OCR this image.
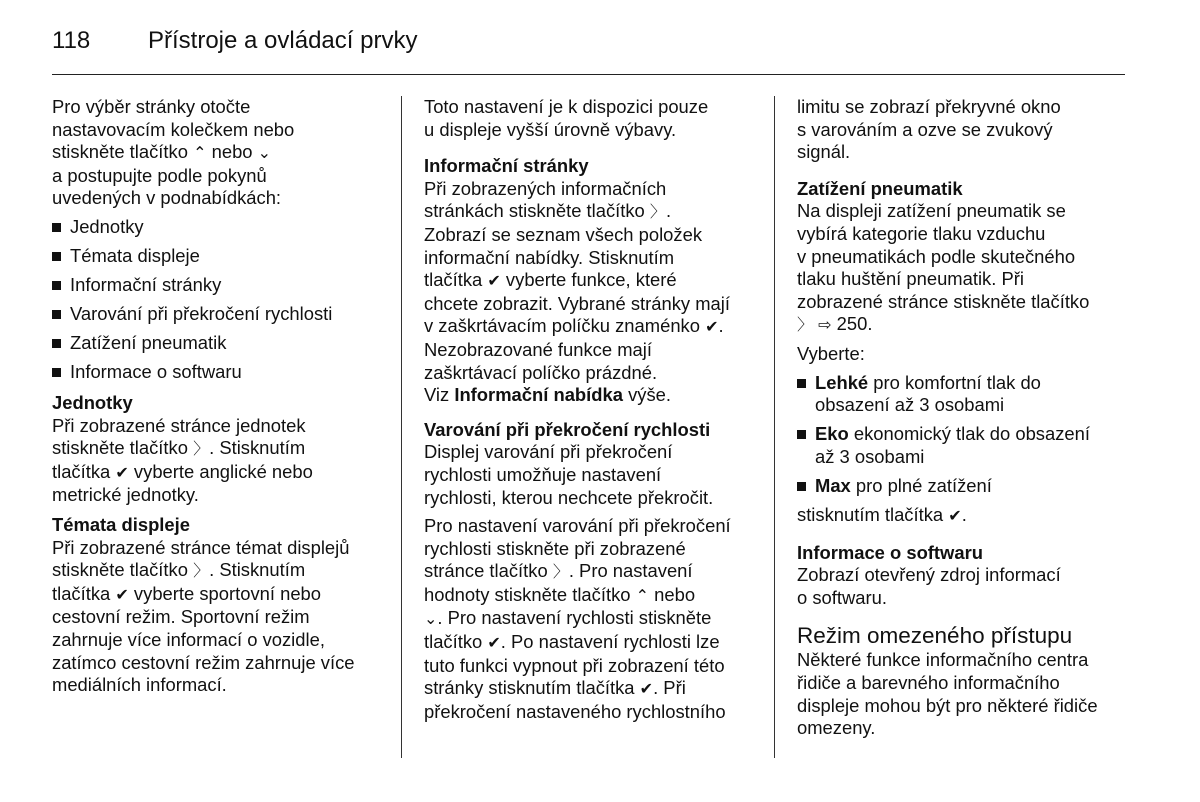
118	Přístroje a ovládací prvky

Pro výběr stránky otočte
nastavovacím kolečkem nebo
stiskněte tlačítko ⌃ nebo ⌄
a postupujte podle pokynů
uvedených v podnabídkách:

Jednotky
Témata displeje
Informační stránky
Varování při překročení rychlosti
Zatížení pneumatik
Informace o softwaru

Jednotky

Při zobrazené stránce jednotek
stiskněte tlačítko 〉. Stisknutím
tlačítka ✔ vyberte anglické nebo
metrické jednotky.

Témata displeje

Při zobrazené stránce témat displejů
stiskněte tlačítko 〉. Stisknutím
tlačítka ✔ vyberte sportovní nebo
cestovní režim. Sportovní režim
zahrnuje více informací o vozidle,
zatímco cestovní režim zahrnuje více
mediálních informací.

Toto nastavení je k dispozici pouze
u displeje vyšší úrovně výbavy.

Informační stránky

Při zobrazených informačních
stránkách stiskněte tlačítko 〉.
Zobrazí se seznam všech položek
informační nabídky. Stisknutím
tlačítka ✔ vyberte funkce, které
chcete zobrazit. Vybrané stránky mají
v zaškrtávacím políčku znaménko ✔.
Nezobrazované funkce mají
zaškrtávací políčko prázdné.
Viz Informační nabídka výše.

Varování při překročení rychlosti

Displej varování při překročení
rychlosti umožňuje nastavení
rychlosti, kterou nechcete překročit.

Pro nastavení varování při překročení
rychlosti stiskněte při zobrazené
stránce tlačítko 〉. Pro nastavení
hodnoty stiskněte tlačítko ⌃ nebo
⌄. Pro nastavení rychlosti stiskněte
tlačítko ✔. Po nastavení rychlosti lze
tuto funkci vypnout při zobrazení této
stránky stisknutím tlačítka ✔. Při
překročení nastaveného rychlostního

limitu se zobrazí překryvné okno
s varováním a ozve se zvukový
signál.

Zatížení pneumatik

Na displeji zatížení pneumatik se
vybírá kategorie tlaku vzduchu
v pneumatikách podle skutečného
tlaku huštění pneumatik. Při
zobrazené stránce stiskněte tlačítko
〉 ⇨ 250.

Vyberte:

Lehké pro komfortní tlak do
obsazení až 3 osobami
Eko ekonomický tlak do obsazení
až 3 osobami
Max pro plné zatížení

stisknutím tlačítka ✔.

Informace o softwaru

Zobrazí otevřený zdroj informací
o softwaru.

Režim omezeného přístupu

Některé funkce informačního centra
řidiče a barevného informačního
displeje mohou být pro některé řidiče
omezeny.
